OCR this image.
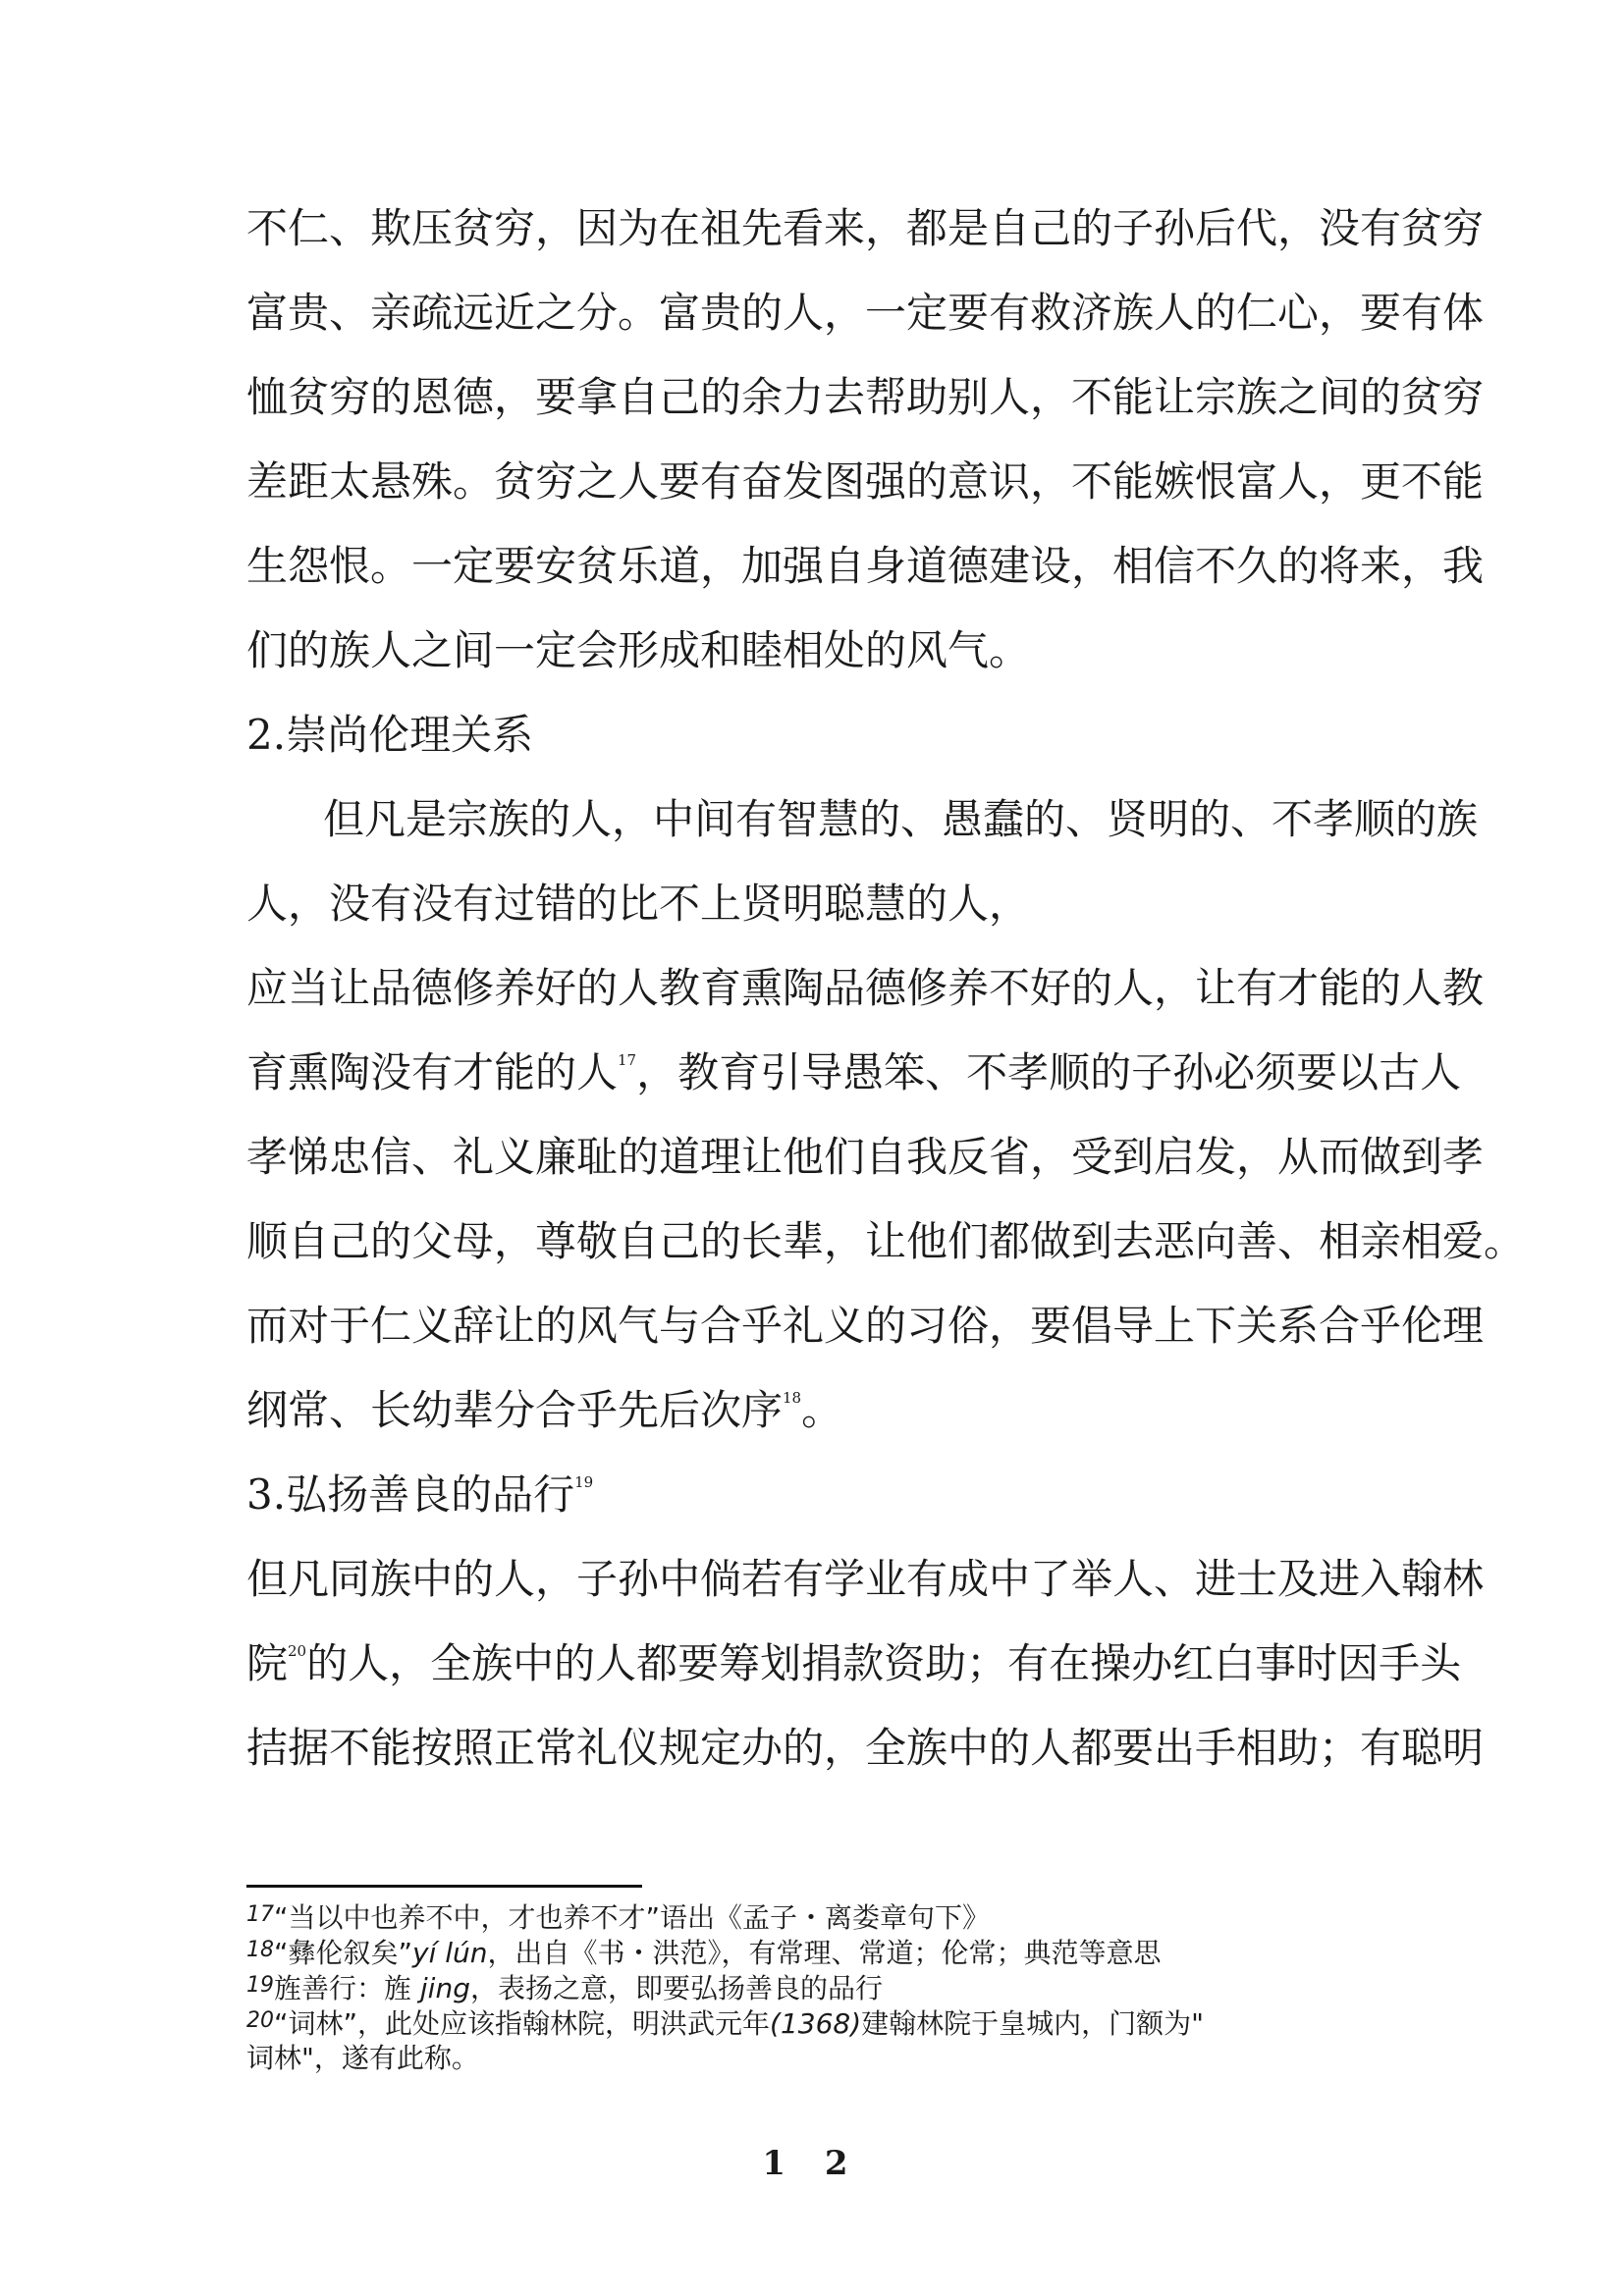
不仁、欺压贫穷，因为在祖先看来，都是自己的子孙后代，没有贫穷
富贵、亲疏远近之分。富贵的人，一定要有救济族人的仁心，要有体
恤贫穷的恩德，要拿自己的余力去帮助别人，不能让宗族之间的贫穷
差距太悬殊。贫穷之人要有奋发图强的意识，不能嫉恨富人，更不能
生怨恨。一定要安贫乐道，加强自身道德建设，相信不久的将来，我
们的族人之间一定会形成和睦相处的风气。
2.崇尚伦理关系
但凡是宗族的人，中间有智慧的、愚蠢的、贤明的、不孝顺的族
人，没有没有过错的比不上贤明聪慧的人，
应当让品德修养好的人教育熏陶品德修养不好的人，让有才能的人教
育熏陶没有才能的人$^{17}$，教育引导愚笨、不孝顺的子孙必须要以古人
孝悌忠信、礼义廉耻的道理让他们自我反省，受到启发，从而做到孝
顺自己的父母，尊敬自己的长辈，让他们都做到去恶向善、相亲相爱。
而对于仁义辞让的风气与合乎礼义的习俗，要倡导上下关系合乎伦理
纲常、长幼辈分合乎先后次序$^{18}$。
3.弘扬善良的品行$^{19}$
但凡同族中的人，子孙中倘若有学业有成中了举人、进士及进入翰林
院$^{20}$的人，全族中的人都要筹划捐款资助；有在操办红白事时因手头
拮据不能按照正常礼仪规定办的，全族中的人都要出手相助；有聪明
$^{17}$“当以中也养不中，才也养不才”语出《孟子・离娄章句下》
$^{18}$“彝伦叙矣”yí lún，出自《书・洪范》，有常理、常道；伦常；典范等意思
$^{19}$旌善行：旌 jing，表扬之意，即要弘扬善良的品行
$^{20}$“词林”，此处应该指翰林院，明洪武元年(1368)建翰林院于皇城内，门额为"
词林"，遂有此称。
1 2
